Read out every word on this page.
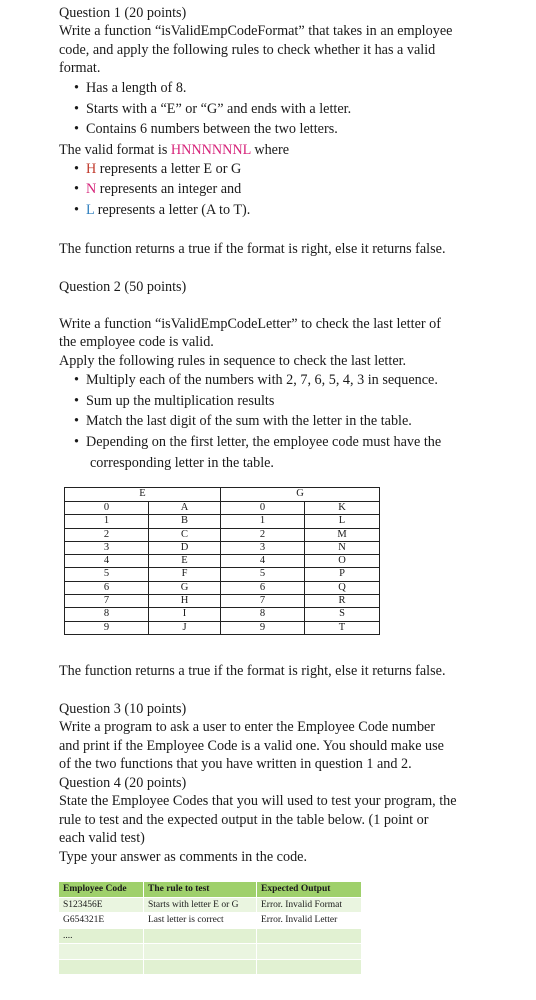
Question 1 (20 points)
Write a function “isValidEmpCodeFormat” that takes in an employee
code, and apply the following rules to check whether it has a valid
format.
• Has a length of 8.
• Starts with a “E” or “G” and ends with a letter.
• Contains 6 numbers between the two letters.
The valid format is HNNNNNNL where
• H represents a letter E or G
• N represents an integer and
• L represents a letter (A to T).
The function returns a true if the format is right, else it returns false.
Question 2 (50 points)
Write a function “isValidEmpCodeLetter” to check the last letter of
the employee code is valid.
Apply the following rules in sequence to check the last letter.
• Multiply each of the numbers with 2, 7, 6, 5, 4, 3 in sequence.
• Sum up the multiplication results
• Match the last digit of the sum with the letter in the table.
• Depending on the first letter, the employee code must have the
corresponding letter in the table.
E		G	
0	A	0	K
1	B	1	L
2	C	2	M
3	D	3	N
4	E	4	O
5	F	5	P
6	G	6	Q
7	H	7	R
8	I	8	S
9	J	9	T
The function returns a true if the format is right, else it returns false.
Question 3 (10 points)
Write a program to ask a user to enter the Employee Code number
and print if the Employee Code is a valid one. You should make use
of the two functions that you have written in question 1 and 2.
Question 4 (20 points)
State the Employee Codes that you will used to test your program, the
rule to test and the expected output in the table below. (1 point or
each valid test)
Type your answer as comments in the code.
Employee Code	The rule to test	Expected Output
S123456E	Starts with letter E or G	Error. Invalid Format
G654321E	Last letter is correct	Error. Invalid Letter
....		
